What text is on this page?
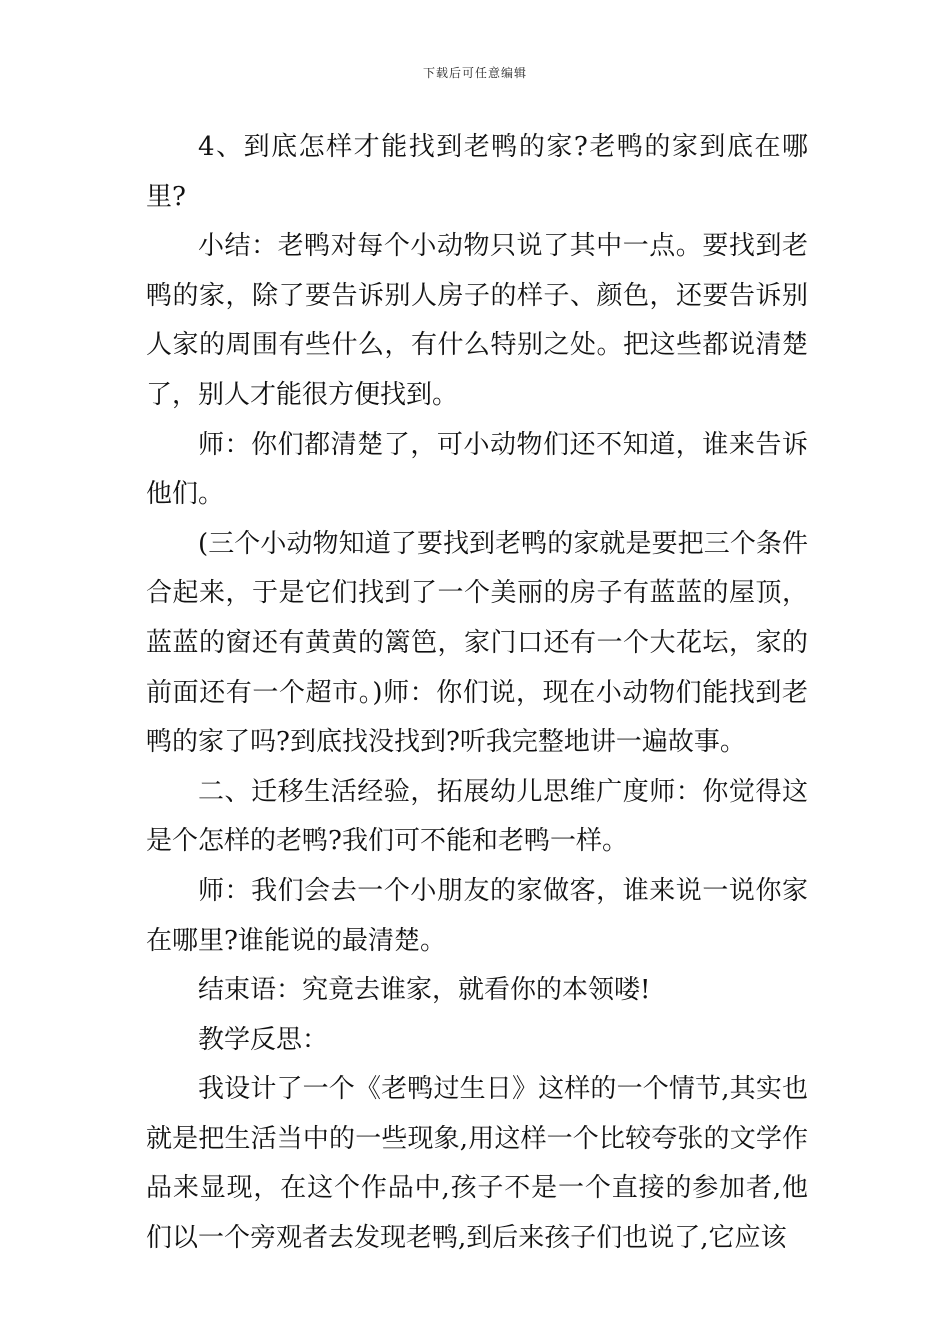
下载后可任意编辑

4、到底怎样才能找到老鸭的家?老鸭的家到底在哪里?

小结：老鸭对每个小动物只说了其中一点。要找到老鸭的家，除了要告诉别人房子的样子、颜色，还要告诉别人家的周围有些什么，有什么特别之处。把这些都说清楚了，别人才能很方便找到。

师：你们都清楚了，可小动物们还不知道，谁来告诉他们。

(三个小动物知道了要找到老鸭的家就是要把三个条件合起来，于是它们找到了一个美丽的房子有蓝蓝的屋顶，蓝蓝的窗还有黄黄的篱笆，家门口还有一个大花坛，家的前面还有一个超市。)师：你们说，现在小动物们能找到老鸭的家了吗?到底找没找到?听我完整地讲一遍故事。

二、迁移生活经验，拓展幼儿思维广度师：你觉得这是个怎样的老鸭?我们可不能和老鸭一样。

师：我们会去一个小朋友的家做客，谁来说一说你家在哪里?谁能说的最清楚。

结束语：究竟去谁家，就看你的本领喽!

教学反思：

我设计了一个《老鸭过生日》这样的一个情节,其实也就是把生活当中的一些现象,用这样一个比较夸张的文学作品来显现，在这个作品中,孩子不是一个直接的参加者,他们以一个旁观者去发现老鸭,到后来孩子们也说了,它应该
